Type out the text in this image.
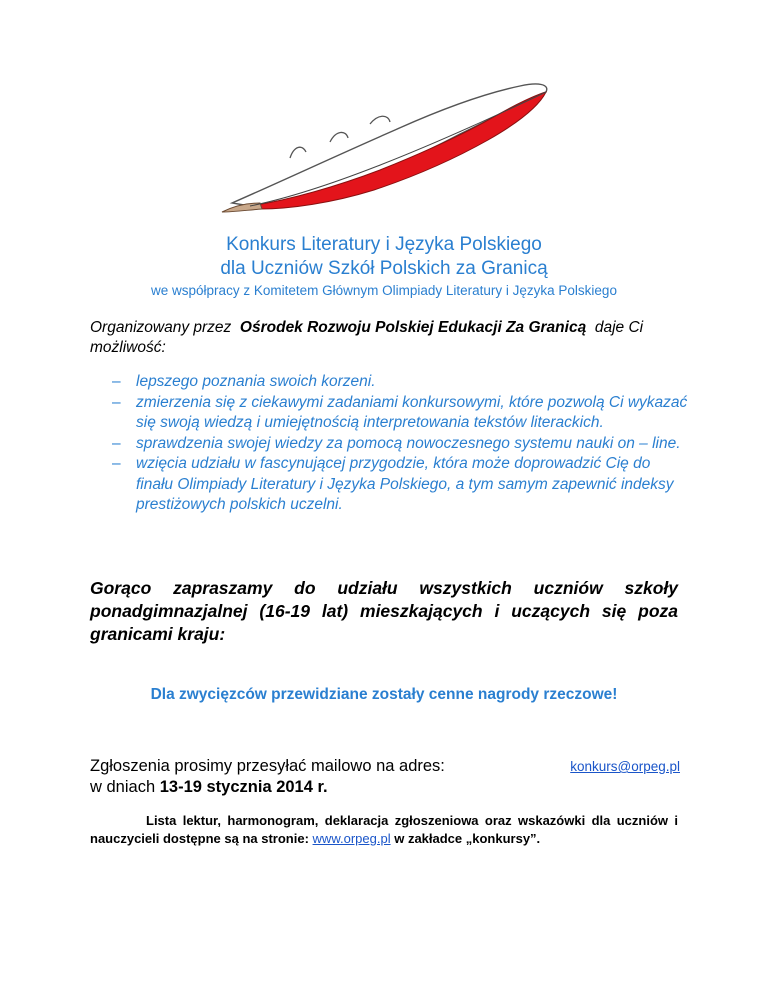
Konkurs Literatury i Języka Polskiego
dla Uczniów Szkół Polskich za Granicą
we współpracy z Komitetem Głównym Olimpiady Literatury i Języka Polskiego
Organizowany przez Ośrodek Rozwoju Polskiej Edukacji Za Granicą daje Ci możliwość:
– lepszego poznania swoich korzeni.
– zmierzenia się z ciekawymi zadaniami konkursowymi, które pozwolą Ci wykazać się swoją wiedzą i umiejętnością interpretowania tekstów literackich.
– sprawdzenia swojej wiedzy za pomocą nowoczesnego systemu nauki on – line.
– wzięcia udziału w fascynującej przygodzie, która może doprowadzić Cię do finału Olimpiady Literatury i Języka Polskiego, a tym samym zapewnić indeksy prestiżowych polskich uczelni.
Gorąco zapraszamy do udziału wszystkich uczniów szkoły
ponadgimnazjalnej (16-19 lat) mieszkających i uczących się poza
granicami kraju:
Dla zwycięzców przewidziane zostały cenne nagrody rzeczowe!
Zgłoszenia prosimy przesyłać mailowo na adres:	konkurs@orpeg.pl
w dniach 13-19 stycznia 2014 r.
Lista lektur, harmonogram, deklaracja zgłoszeniowa oraz wskazówki dla uczniów i nauczycieli dostępne są na stronie: www.orpeg.pl w zakładce „konkursy”.
